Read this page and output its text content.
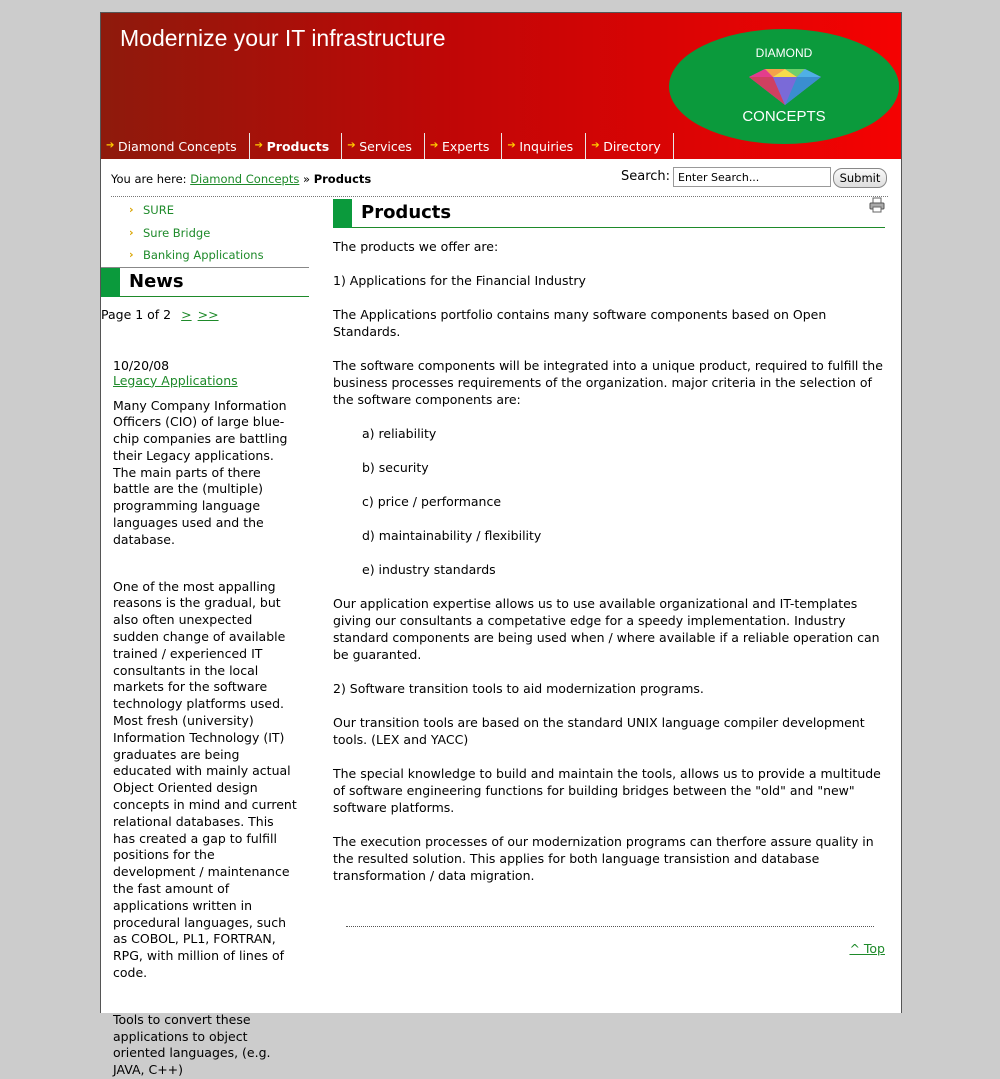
Modernize your IT infrastructure
DIAMOND
CONCEPTS
➔ Diamond Concepts	➔ Products	➔ Services	➔ Experts	➔ Inquiries	➔ Directory
You are here: Diamond Concepts » Products	Search:
Enter Search...	Submit
› SURE
› Sure Bridge
› Banking Applications
News
Page 1 of 2 > >>
10/20/08
Legacy Applications

Many Company Information Officers (CIO) of large blue-chip companies are battling their Legacy applications. The main parts of there battle are the (multiple) programming language languages used and the database.

One of the most appalling reasons is the gradual, but also often unexpected sudden change of available trained / experienced IT consultants in the local markets for the software technology platforms used. Most fresh (university) Information Technology (IT) graduates are being educated with mainly actual Object Oriented design concepts in mind and current relational databases. This has created a gap to fulfill positions for the development / maintenance the fast amount of applications written in procedural languages, such as COBOL, PL1, FORTRAN, RPG, with million of lines of code.

Tools to convert these applications to object oriented languages, (e.g. JAVA, C++)

Products

The products we offer are:

1) Applications for the Financial Industry

The Applications portfolio contains many software components based on Open Standards.

The software components will be integrated into a unique product, required to fulfill the business processes requirements of the organization. major criteria in the selection of the software components are:

a) reliability

b) security

c) price / performance

d) maintainability / flexibility

e) industry standards

Our application expertise allows us to use available organizational and IT-templates giving our consultants a competative edge for a speedy implementation. Industry standard components are being used when / where available if a reliable operation can be guaranted.

2) Software transition tools to aid modernization programs.

Our transition tools are based on the standard UNIX language compiler development tools. (LEX and YACC)

The special knowledge to build and maintain the tools, allows us to provide a multitude of software engineering functions for building bridges between the "old" and "new" software platforms.

The execution processes of our modernization programs can therfore assure quality in the resulted solution. This applies for both language transistion and database transformation / data migration.

^ Top
